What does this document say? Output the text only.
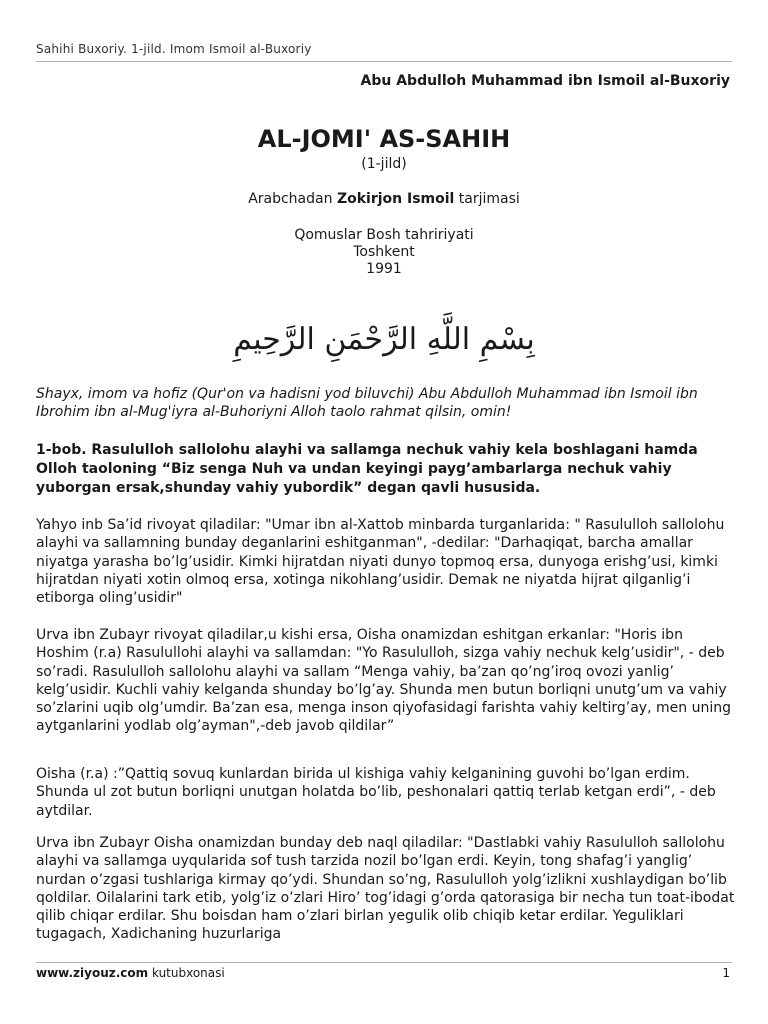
Sahihi Buxoriy. 1-jild. Imom Ismoil al-Buxoriy
Abu Abdulloh Muhammad ibn Ismoil al-Buxoriy
AL-JOMI' AS-SAHIH
(1-jild)
Arabchadan Zokirjon Ismoil tarjimasi
Qomuslar Bosh tahririyati
Toshkent
1991
بِسْمِ اللَّهِ الرَّحْمَنِ الرَّحِيمِ
Shayx, imom va hofiz (Qur'on va hadisni yod biluvchi) Abu Abdulloh Muhammad ibn Ismoil ibn Ibrohim ibn al-Mug'iyra al-Buhoriyni Alloh taolo rahmat qilsin, omin!
1-bob. Rasululloh sallolohu alayhi va sallamga nechuk vahiy kela boshlagani hamda Olloh taoloning “Biz senga Nuh va undan keyingi payg’ambarlarga nechuk vahiy yuborgan ersak,shunday vahiy yubordik” degan qavli hususida.
Yahyo inb Sa’id rivoyat qiladilar: "Umar ibn al-Xattob minbarda turganlarida: " Rasululloh sallolohu alayhi va sallamning bunday deganlarini eshitganman", -dedilar: "Darhaqiqat, barcha amallar niyatga yarasha bo’lg’usidir. Kimki hijratdan niyati dunyo topmoq ersa, dunyoga erishg’usi, kimki hijratdan niyati xotin olmoq ersa, xotinga nikohlang’usidir. Demak ne niyatda hijrat qilganlig’i etiborga oling’usidir"
Urva ibn Zubayr rivoyat qiladilar,u kishi ersa, Oisha onamizdan eshitgan erkanlar: "Horis ibn Hoshim (r.a) Rasulullohi alayhi va sallamdan: "Yo Rasululloh, sizga vahiy nechuk kelg’usidir", - deb so’radi. Rasululloh sallolohu alayhi va sallam “Menga vahiy, ba’zan qo’ng’iroq ovozi yanlig’ kelg’usidir. Kuchli vahiy kelganda shunday bo’lg’ay. Shunda men butun borliqni unutg’um va vahiy so’zlarini uqib olg’umdir. Ba’zan esa, menga inson qiyofasidagi farishta vahiy keltirg’ay, men uning aytganlarini yodlab olg’ayman",-deb javob qildilar”
Oisha (r.a) :”Qattiq sovuq kunlardan birida ul kishiga vahiy kelganining guvohi bo’lgan erdim. Shunda ul zot butun borliqni unutgan holatda bo’lib, peshonalari qattiq terlab ketgan erdi”, - deb aytdilar.
Urva ibn Zubayr Oisha onamizdan bunday deb naql qiladilar: "Dastlabki vahiy Rasululloh sallolohu alayhi va sallamga uyqularida sof tush tarzida nozil bo’lgan erdi. Keyin, tong shafag’i yanglig’ nurdan o’zgasi tushlariga kirmay qo’ydi. Shundan so’ng, Rasululloh yolg’izlikni xushlaydigan bo’lib qoldilar. Oilalarini tark etib, yolg’iz o’zlari Hiro’ tog’idagi g’orda qatorasiga bir necha tun toat-ibodat qilib chiqar erdilar. Shu boisdan ham o’zlari birlan yegulik olib chiqib ketar erdilar. Yeguliklari tugagach, Xadichaning huzurlariga
www.ziyouz.com kutubxonasi	1
